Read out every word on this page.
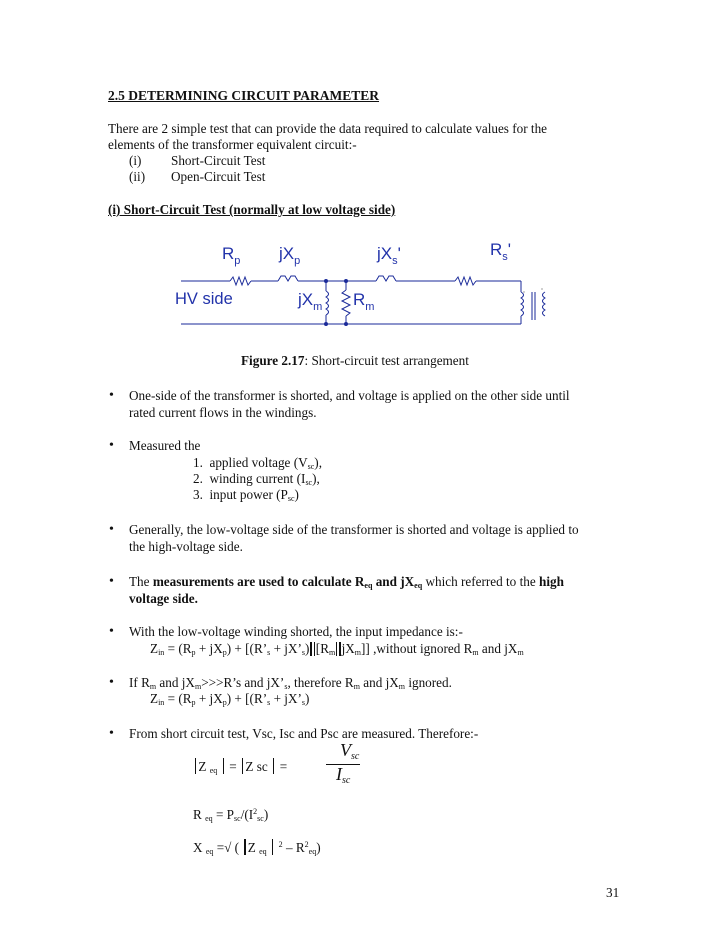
2.5 DETERMINING CIRCUIT PARAMETER
There are 2 simple test that can provide the data required to calculate values for the
elements of the transformer equivalent circuit:-
(i) Short-Circuit Test
(ii) Open-Circuit Test
(i) Short-Circuit Test (normally at low voltage side)
$R_p$ $jX_p$	$jX_s'$	$R_s'$
HV side	$jX_m$ $R_m$
Figure 2.17: Short-circuit test arrangement
• One-side of the transformer is shorted, and voltage is applied on the other side until
rated current flows in the windings.
• Measured the
1. applied voltage $(V_{sc})$,
2. winding current $(I_{sc})$,
3. input power $(P_{sc})$
• Generally, the low-voltage side of the transformer is shorted and voltage is applied to
the high-voltage side.
• The measurements are used to calculate $R_{eq}$ and $jX_{eq}$ which referred to the high
voltage side.
• With the low-voltage winding shorted, the input impedance is:-
$Z_{in} = (R_p + jX_p)$ + [($R’_s$ + $jX’_s$) [$R_m$ $jX_m$]] ,without ignored $R_m$ and $jX_m$
• If $R_m$ and $jX_m>>>R’s$ and $jX’_s$, therefore $R_m$ and $jX_m$ ignored.
$Z_{in} = (R_p + jX_p)$ + [($R’_s$ + $jX’_s$)
• From short circuit test, Vsc, Isc and Psc are measured. Therefore:-
Z $_{eq}$  = Z sc  =
Vsc
Isc
R $_{eq} = P_{sc}/(I^2_{sc})$
X $_{eq}$ =√ ( Z $_{eq}$  $^2 - R^2_{eq}$)
31
